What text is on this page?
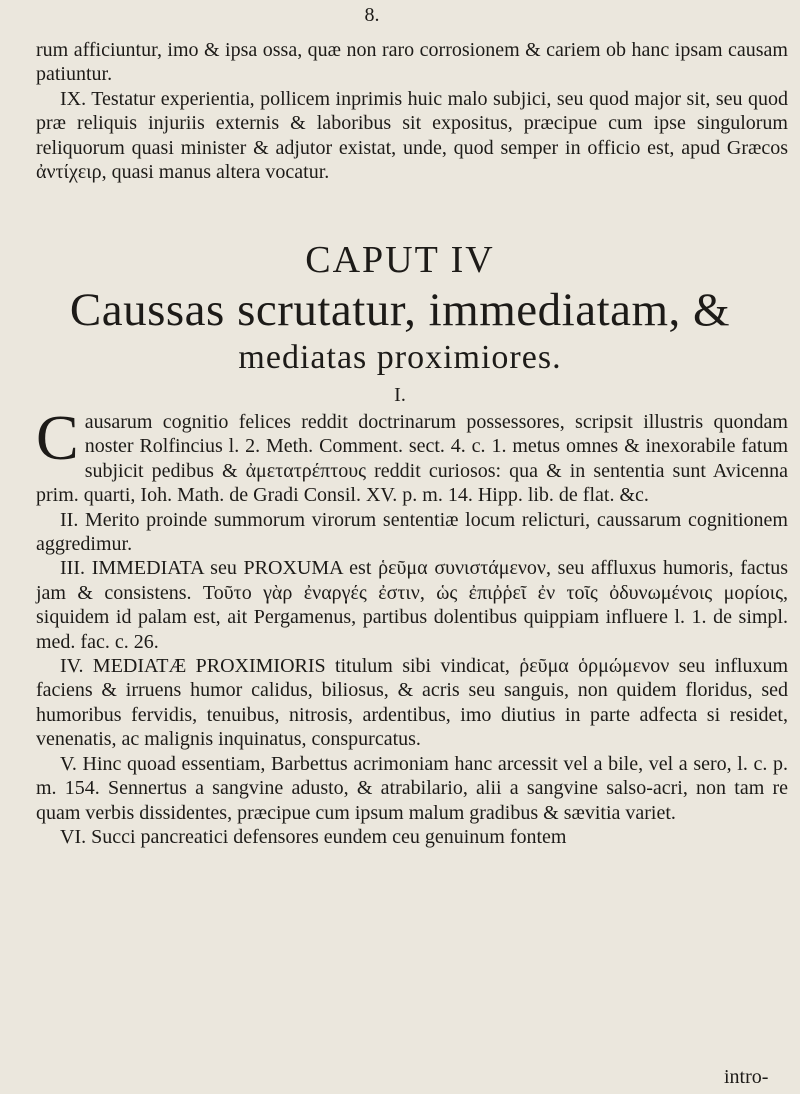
8.

rum afficiuntur, imo & ipsa ossa, quæ non raro corrosionem & cariem ob hanc ipsam causam patiuntur.

IX. Testatur experientia, pollicem inprimis huic malo subjici, seu quod major sit, seu quod præ reliquis injuriis externis & laboribus sit expositus, præcipue cum ipse singulorum reliquorum quasi minister & adjutor existat, unde, quod semper in officio est, apud Græcos ἀντίχειρ, quasi manus altera vocatur.

CAPUT IV
Caussas scrutatur, immediatam, &
mediatas proximiores.
I.

Causarum cognitio felices reddit doctrinarum possessores, scripsit illustris quondam noster Rolfincius l. 2. Meth. Comment. sect. 4. c. 1. metus omnes & inexorabile fatum subjicit pedibus & ἀμετατρέπτους reddit curiosos: qua & in sententia sunt Avicenna prim. quarti, Ioh. Math. de Gradi Consil. XV. p. m. 14. Hipp. lib. de flat. &c.

II. Merito proinde summorum virorum sententiæ locum relicturi, caussarum cognitionem aggredimur.

III. IMMEDIATA seu PROXUMA est ῥεῦμα συνιστάμενον, seu affluxus humoris, factus jam & consistens. Τοῦτο γὰρ ἐναργές ἐστιν, ὡς ἐπιῤῥεῖ ἐν τοῖς ὀδυνωμένοις μορίοις, siquidem id palam est, ait Pergamenus, partibus dolentibus quippiam influere l. 1. de simpl. med. fac. c. 26.

IV. MEDIATÆ PROXIMIORIS titulum sibi vindicat, ῥεῦμα ὁρμώμενον seu influxum faciens & irruens humor calidus, biliosus, & acris seu sanguis, non quidem floridus, sed humoribus fervidis, tenuibus, nitrosis, ardentibus, imo diutius in parte adfecta si residet, venenatis, ac malignis inquinatus, conspurcatus.

V. Hinc quoad essentiam, Barbettus acrimoniam hanc arcessit vel a bile, vel a sero, l. c. p. m. 154. Sennertus a sangvine adusto, & atrabilario, alii a sangvine salso-acri, non tam re quam verbis dissidentes, præcipue cum ipsum malum gradibus & sævitia variet.

VI. Succi pancreatici defensores eundem ceu genuinum fontem

intro-
